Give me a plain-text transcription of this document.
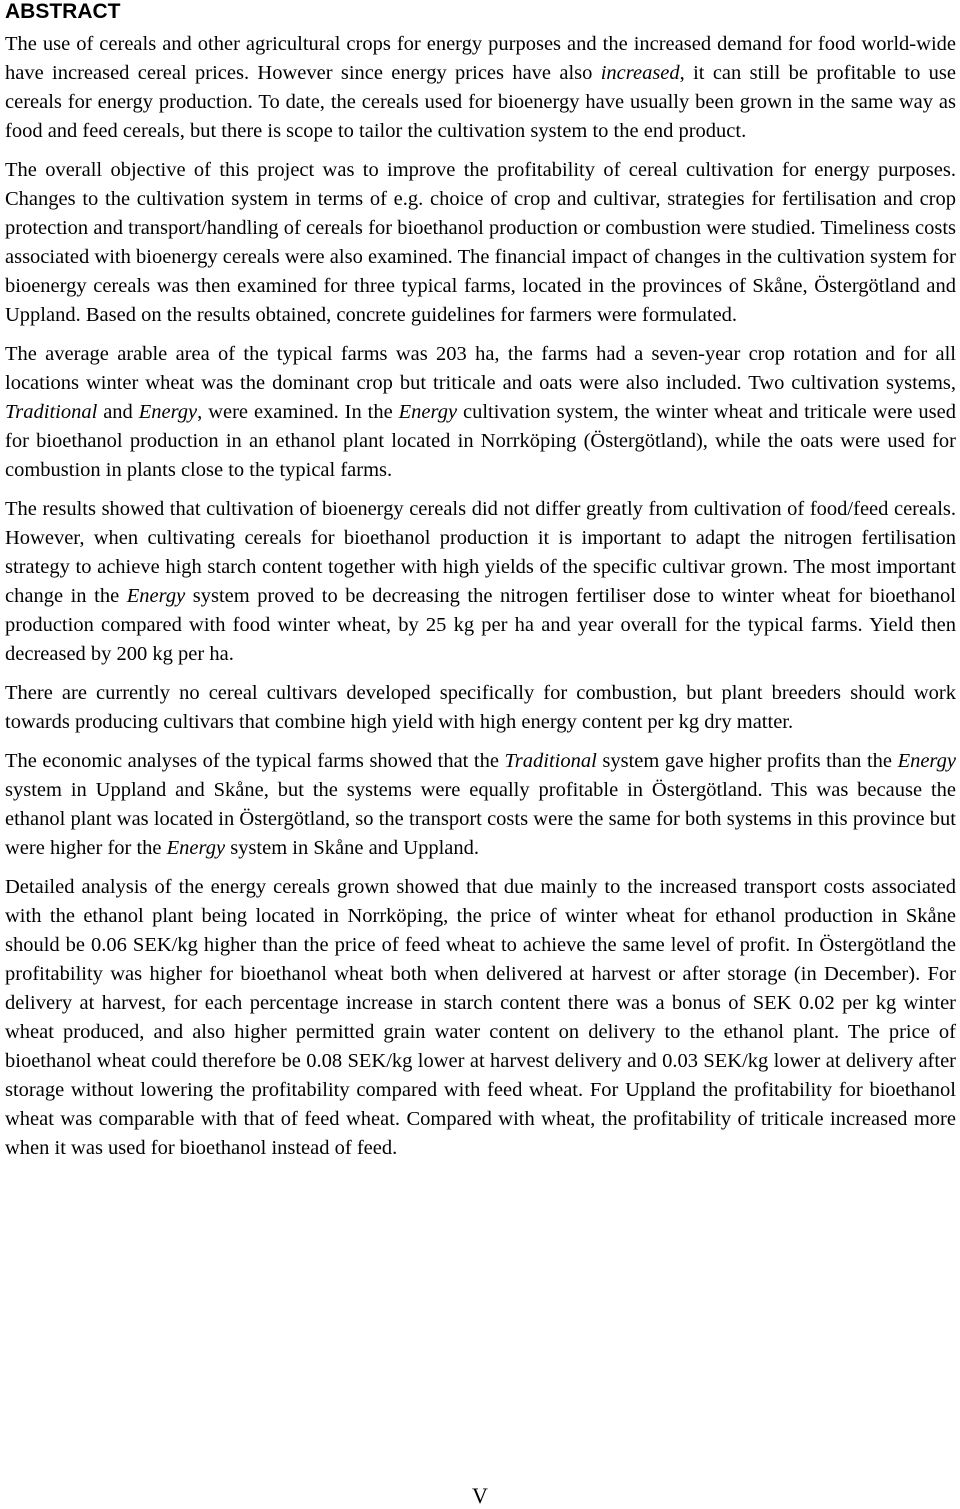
ABSTRACT

The use of cereals and other agricultural crops for energy purposes and the increased demand for food world-wide have increased cereal prices. However since energy prices have also increased, it can still be profitable to use cereals for energy production. To date, the cereals used for bioenergy have usually been grown in the same way as food and feed cereals, but there is scope to tailor the cultivation system to the end product.

The overall objective of this project was to improve the profitability of cereal cultivation for energy purposes. Changes to the cultivation system in terms of e.g. choice of crop and cultivar, strategies for fertilisation and crop protection and transport/handling of cereals for bioethanol production or combustion were studied. Timeliness costs associated with bioenergy cereals were also examined. The financial impact of changes in the cultivation system for bioenergy cereals was then examined for three typical farms, located in the provinces of Skåne, Östergötland and Uppland. Based on the results obtained, concrete guidelines for farmers were formulated.

The average arable area of the typical farms was 203 ha, the farms had a seven-year crop rotation and for all locations winter wheat was the dominant crop but triticale and oats were also included. Two cultivation systems, Traditional and Energy, were examined. In the Energy cultivation system, the winter wheat and triticale were used for bioethanol production in an ethanol plant located in Norrköping (Östergötland), while the oats were used for combustion in plants close to the typical farms.

The results showed that cultivation of bioenergy cereals did not differ greatly from cultivation of food/feed cereals. However, when cultivating cereals for bioethanol production it is important to adapt the nitrogen fertilisation strategy to achieve high starch content together with high yields of the specific cultivar grown. The most important change in the Energy system proved to be decreasing the nitrogen fertiliser dose to winter wheat for bioethanol production compared with food winter wheat, by 25 kg per ha and year overall for the typical farms. Yield then decreased by 200 kg per ha.

There are currently no cereal cultivars developed specifically for combustion, but plant breeders should work towards producing cultivars that combine high yield with high energy content per kg dry matter.

The economic analyses of the typical farms showed that the Traditional system gave higher profits than the Energy system in Uppland and Skåne, but the systems were equally profitable in Östergötland. This was because the ethanol plant was located in Östergötland, so the transport costs were the same for both systems in this province but were higher for the Energy system in Skåne and Uppland.

Detailed analysis of the energy cereals grown showed that due mainly to the increased transport costs associated with the ethanol plant being located in Norrköping, the price of winter wheat for ethanol production in Skåne should be 0.06 SEK/kg higher than the price of feed wheat to achieve the same level of profit. In Östergötland the profitability was higher for bioethanol wheat both when delivered at harvest or after storage (in December). For delivery at harvest, for each percentage increase in starch content there was a bonus of SEK 0.02 per kg winter wheat produced, and also higher permitted grain water content on delivery to the ethanol plant. The price of bioethanol wheat could therefore be 0.08 SEK/kg lower at harvest delivery and 0.03 SEK/kg lower at delivery after storage without lowering the profitability compared with feed wheat. For Uppland the profitability for bioethanol wheat was comparable with that of feed wheat. Compared with wheat, the profitability of triticale increased more when it was used for bioethanol instead of feed.

V
